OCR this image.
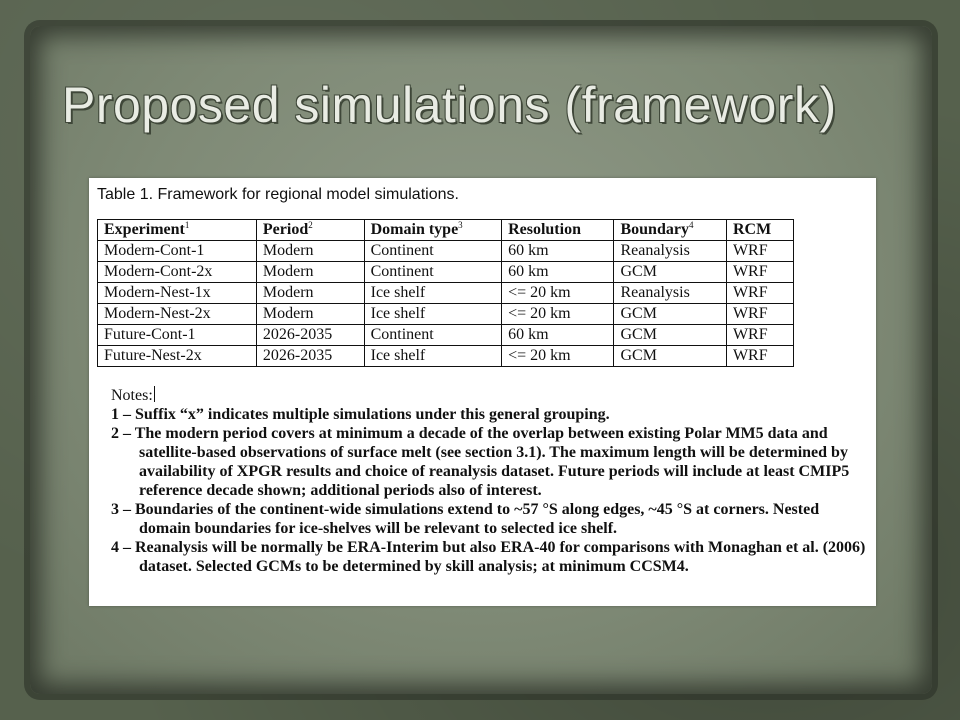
Proposed simulations (framework)
Table 1. Framework for regional model simulations.
Experiment$^1$	Period$^2$	Domain type$^3$	Resolution	Boundary$^4$	RCM
Modern-Cont-1	Modern	Continent	60 km	Reanalysis	WRF
Modern-Cont-2x	Modern	Continent	60 km	GCM	WRF
Modern-Nest-1x	Modern	Ice shelf	<= 20 km	Reanalysis	WRF
Modern-Nest-2x	Modern	Ice shelf	<= 20 km	GCM	WRF
Future-Cont-1	2026-2035	Continent	60 km	GCM	WRF
Future-Nest-2x	2026-2035	Ice shelf	<= 20 km	GCM	WRF

Notes:

1 – Suffix “x” indicates multiple simulations under this general grouping.

2 – The modern period covers at minimum a decade of the overlap between existing Polar MM5 data and satellite-based observations of surface melt (see section 3.1). The maximum length will be determined by availability of XPGR results and choice of reanalysis dataset. Future periods will include at least CMIP5 reference decade shown; additional periods also of interest.

3 – Boundaries of the continent-wide simulations extend to ~57 °S along edges, ~45 °S at corners. Nested domain boundaries for ice-shelves will be relevant to selected ice shelf.

4 – Reanalysis will be normally be ERA-Interim but also ERA-40 for comparisons with Monaghan et al. (2006) dataset. Selected GCMs to be determined by skill analysis; at minimum CCSM4.
